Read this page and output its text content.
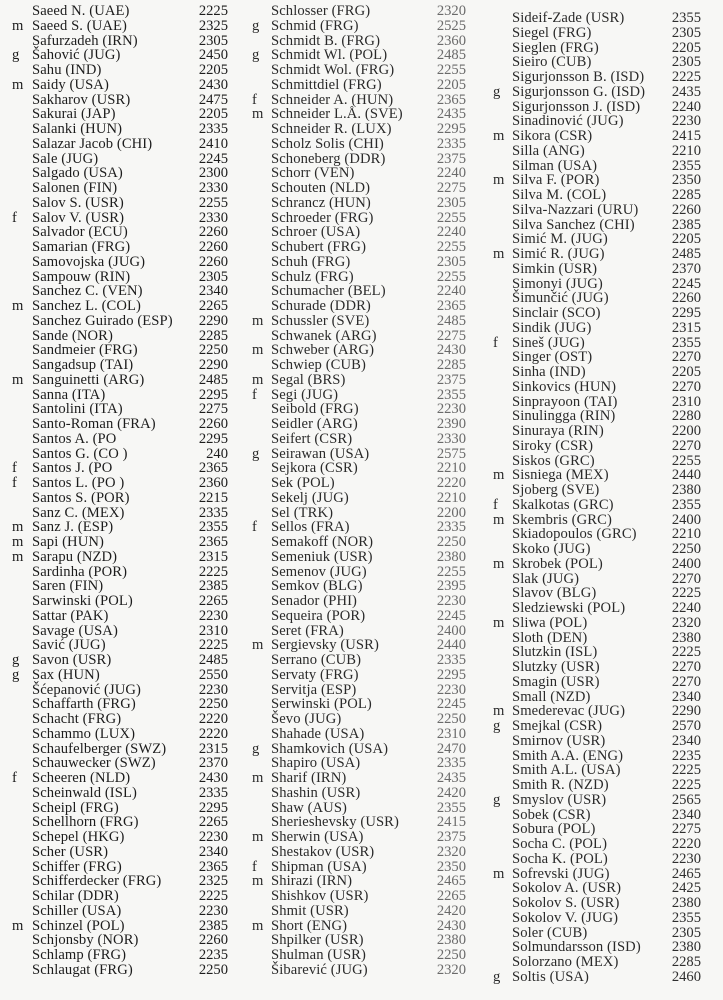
Saeed N. (UAE)	2225
m Saeed S. (UAE)	2325
Safurzadeh (IRN)	2305
g Šahović (JUG)	2450
Sahu (IND)	2205
m Saidy (USA)	2430
Sakharov (USR)	2475
Sakurai (JAP)	2205
Salanki (HUN)	2335
Salazar Jacob (CHI)	2410
Sale (JUG)	2245
Salgado (USA)	2300
Salonen (FIN)	2330
Salov S. (USR)	2255
f	Salov V. (USR)	2330
Salvador (ECU)	2260
Samarian (FRG)	2260
Samovojska (JUG)	2260
Sampouw (RIN)	2305
Sanchez C. (VEN)	2340
m Sanchez L. (COL)	2265
Sanchez Guirado (ESP) 2290
Sande (NOR)	2285
Sandmeier (FRG)	2250
Sangadsup (TAI)	2290
m Sanguinetti (ARG)	2485
Sanna (ITA)	2295
Santolini (ITA)	2275
Santo-Roman (FRA)	2260
Santos A. (PO	2295
Santos G. (CO )	240
f	Santos J. (PO	2365
f	Santos L. (PO )	2360
Santos S. (POR)	2215
Sanz C. (MEX)	2335
m Sanz J. (ESP)	2355
m Sapi (HUN)	2365
m Sarapu (NZD)	2315
Sardinha (POR)	2225
Saren (FIN)	2385
Sarwinski (POL)	2265
Sattar (PAK)	2230
Savage (USA)	2310
Savić (JUG)	2225
g Savon (USR)	2485
g Sax (HUN)	2550
Šćepanović (JUG)	2230
Schaffarth (FRG)	2250
Schacht (FRG)	2220
Schammo (LUX)	2220
Schaufelberger (SWZ) 2315
Schauwecker (SWZ)	2370
f	Scheeren (NLD)	2430
Scheinwald (ISL)	2335
Scheipl (FRG)	2295
Schellhorn (FRG)	2265
Schepel (HKG)	2230
Scher (USR)	2340
Schiffer (FRG)	2365
Schifferdecker (FRG)	2325
Schilar (DDR)	2225
Schiller (USA)	2230
m Schinzel (POL)	2385
Schjonsby (NOR)	2260
Schlamp (FRG)	2235
Schlaugat (FRG)	2250
Schlosser (FRG)	2320
g Schmid (FRG)	2525
Schmidt B. (FRG)	2360
g Schmidt Wl. (POL)	2485
Schmidt Wol. (FRG)	2255
Schmittdiel (FRG)	2205
f Schneider A. (HUN)	2365
m Schneider L.Å. (SVE) 2435
Schneider R. (LUX)	2295
Scholz Solis (CHI)	2335
Schoneberg (DDR)	2375
Schorr (VEN)	2240
Schouten (NLD)	2275
Schrancz (HUN)	2305
Schroeder (FRG)	2255
Schroer (USA)	2240
Schubert (FRG)	2255
Schuh (FRG)	2305
Schulz (FRG)	2255
Schumacher (BEL)	2240
Schurade (DDR)	2365
m Schussler (SVE)	2485
Schwanek (ARG)	2275
m Schweber (ARG)	2430
Schwiep (CUB)	2285
m Segal (BRS)	2375
f Segi (JUG)	2355
Seibold (FRG)	2230
Seidler (ARG)	2390
Seifert (CSR)	2330
g Seirawan (USA)	2575
Sejkora (CSR)	2210
Sek (POL)	2220
Sekelj (JUG)	2210
Sel (TRK)	2200
f Sellos (FRA)	2335
Semakoff (NOR)	2250
Semeniuk (USR)	2380
Semenov (JUG)	2255
Semkov (BLG)	2395
Senador (PHI)	2230
Sequeira (POR)	2245
Seret (FRA)	2400
m Sergievsky (USR)	2440
Serrano (CUB)	2335
Servaty (FRG)	2295
Servitja (ESP)	2230
Serwinski (POL)	2245
Ševo (JUG)	2250
Shahade (USA)	2310
g Shamkovich (USA)	2470
Shapiro (USA)	2335
m Sharif (IRN)	2435
Shashin (USR)	2420
Shaw (AUS)	2355
Sherieshevsky (USR)	2415
m Sherwin (USA)	2375
Shestakov (USR)	2320
f Shipman (USA)	2350
m Shirazi (IRN)	2465
Shishkov (USR)	2265
Shmit (USR)	2420
m Short (ENG)	2430
Shpilker (USR)	2380
Shulman (USR)	2250
Šibarević (JUG)	2320
Sideif-Zade (USR)	2355
Siegel (FRG)	2305
Sieglen (FRG)	2205
Sieiro (CUB)	2305
Sigurjonsson B. (ISD) 2225
g Sigurjonsson G. (ISD) 2435
Sigurjonsson J. (ISD) 2240
Sinadinović (JUG)	2230
m Sikora (CSR)	2415
Silla (ANG)	2210
Silman (USA)	2355
m Silva F. (POR)	2350
Silva M. (COL)	2285
Silva-Nazzari (URU) 2260
Silva Sanchez (CHI)	2385
Simić M. (JUG)	2205
m Simić R. (JUG)	2485
Simkin (USR)	2370
Simonyi (JUG)	2245
Šimunčić (JUG)	2260
Sinclair (SCO)	2295
Sindik (JUG)	2315
f Sineš (JUG)	2355
Singer (OST)	2270
Sinha (IND)	2205
Sinkovics (HUN)	2270
Sinprayoon (TAI)	2310
Sinulingga (RIN)	2280
Sinuraya (RIN)	2200
Siroky (CSR)	2270
Siskos (GRC)	2255
m Sisniega (MEX)	2440
Sjoberg (SVE)	2380
f Skalkotas (GRC)	2355
m Skembris (GRC)	2400
Skiadopoulos (GRC) 2210
Skoko (JUG)	2250
m Skrobek (POL)	2400
Slak (JUG)	2270
Slavov (BLG)	2225
Sledziewski (POL)	2240
m Sliwa (POL)	2320
Sloth (DEN)	2380
Slutzkin (ISL)	2225
Slutzky (USR)	2270
Smagin (USR)	2270
Small (NZD)	2340
m Smederevac (JUG)	2290
g Smejkal (CSR)	2570
Smirnov (USR)	2340
Smith A.A. (ENG)	2235
Smith A.L. (USA)	2225
Smith R. (NZD)	2225
g Smyslov (USR)	2565
Sobek (CSR)	2340
Sobura (POL)	2275
Socha C. (POL)	2220
Socha K. (POL)	2230
m Sofrevski (JUG)	2465
Sokolov A. (USR)	2425
Sokolov S. (USR)	2380
Sokolov V. (JUG)	2355
Soler (CUB)	2305
Solmundarsson (ISD) 2380
Solorzano (MEX)	2285
g Soltis (USA)	2460
